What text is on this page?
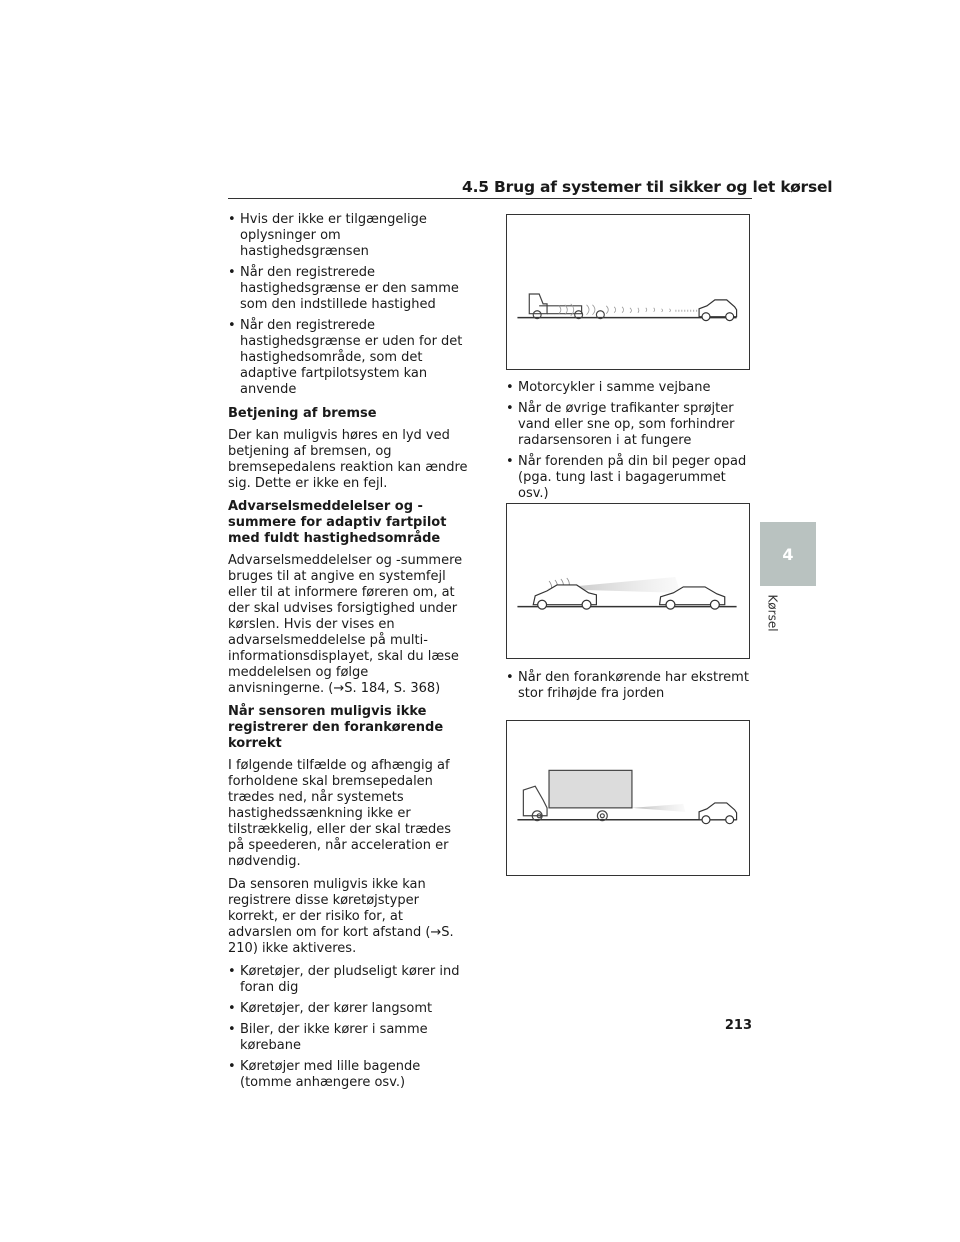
4.5 Brug af systemer til sikker og let kørsel
• Hvis der ikke er tilgængelige oplysninger om hastighedsgrænsen
• Når den registrerede hastighedsgrænse er den samme som den indstillede hastighed
• Når den registrerede hastighedsgrænse er uden for det hastighedsområde, som det adaptive fartpilotsystem kan anvende
Betjening af bremse
Der kan muligvis høres en lyd ved betjening af bremsen, og bremsepedalens reaktion kan ændre sig. Dette er ikke en fejl.
Advarselsmeddelelser og -summere for adaptiv fartpilot med fuldt hastighedsområde
Advarselsmeddelelser og -summere bruges til at angive en systemfejl eller til at informere føreren om, at der skal udvises forsigtighed under kørslen. Hvis der vises en advarselsmeddelelse på multi-informationsdisplayet, skal du læse meddelelsen og følge anvisningerne. (→S. 184, S. 368)
Når sensoren muligvis ikke registrerer den forankørende korrekt
I følgende tilfælde og afhængig af forholdene skal bremsepedalen trædes ned, når systemets hastighedssænkning ikke er tilstrækkelig, eller der skal trædes på speederen, når acceleration er nødvendig.
Da sensoren muligvis ikke kan registrere disse køretøjstyper korrekt, er der risiko for, at advarslen om for kort afstand (→S. 210) ikke aktiveres.
• Køretøjer, der pludseligt kører ind foran dig
• Køretøjer, der kører langsomt
• Biler, der ikke kører i samme kørebane
• Køretøjer med lille bagende (tomme anhængere osv.)
• Motorcykler i samme vejbane
• Når de øvrige trafikanter sprøjter vand eller sne op, som forhindrer radarsensoren i at fungere
• Når forenden på din bil peger opad (pga. tung last i bagagerummet osv.)
• Når den forankørende har ekstremt stor frihøjde fra jorden
4
Kørsel
213
